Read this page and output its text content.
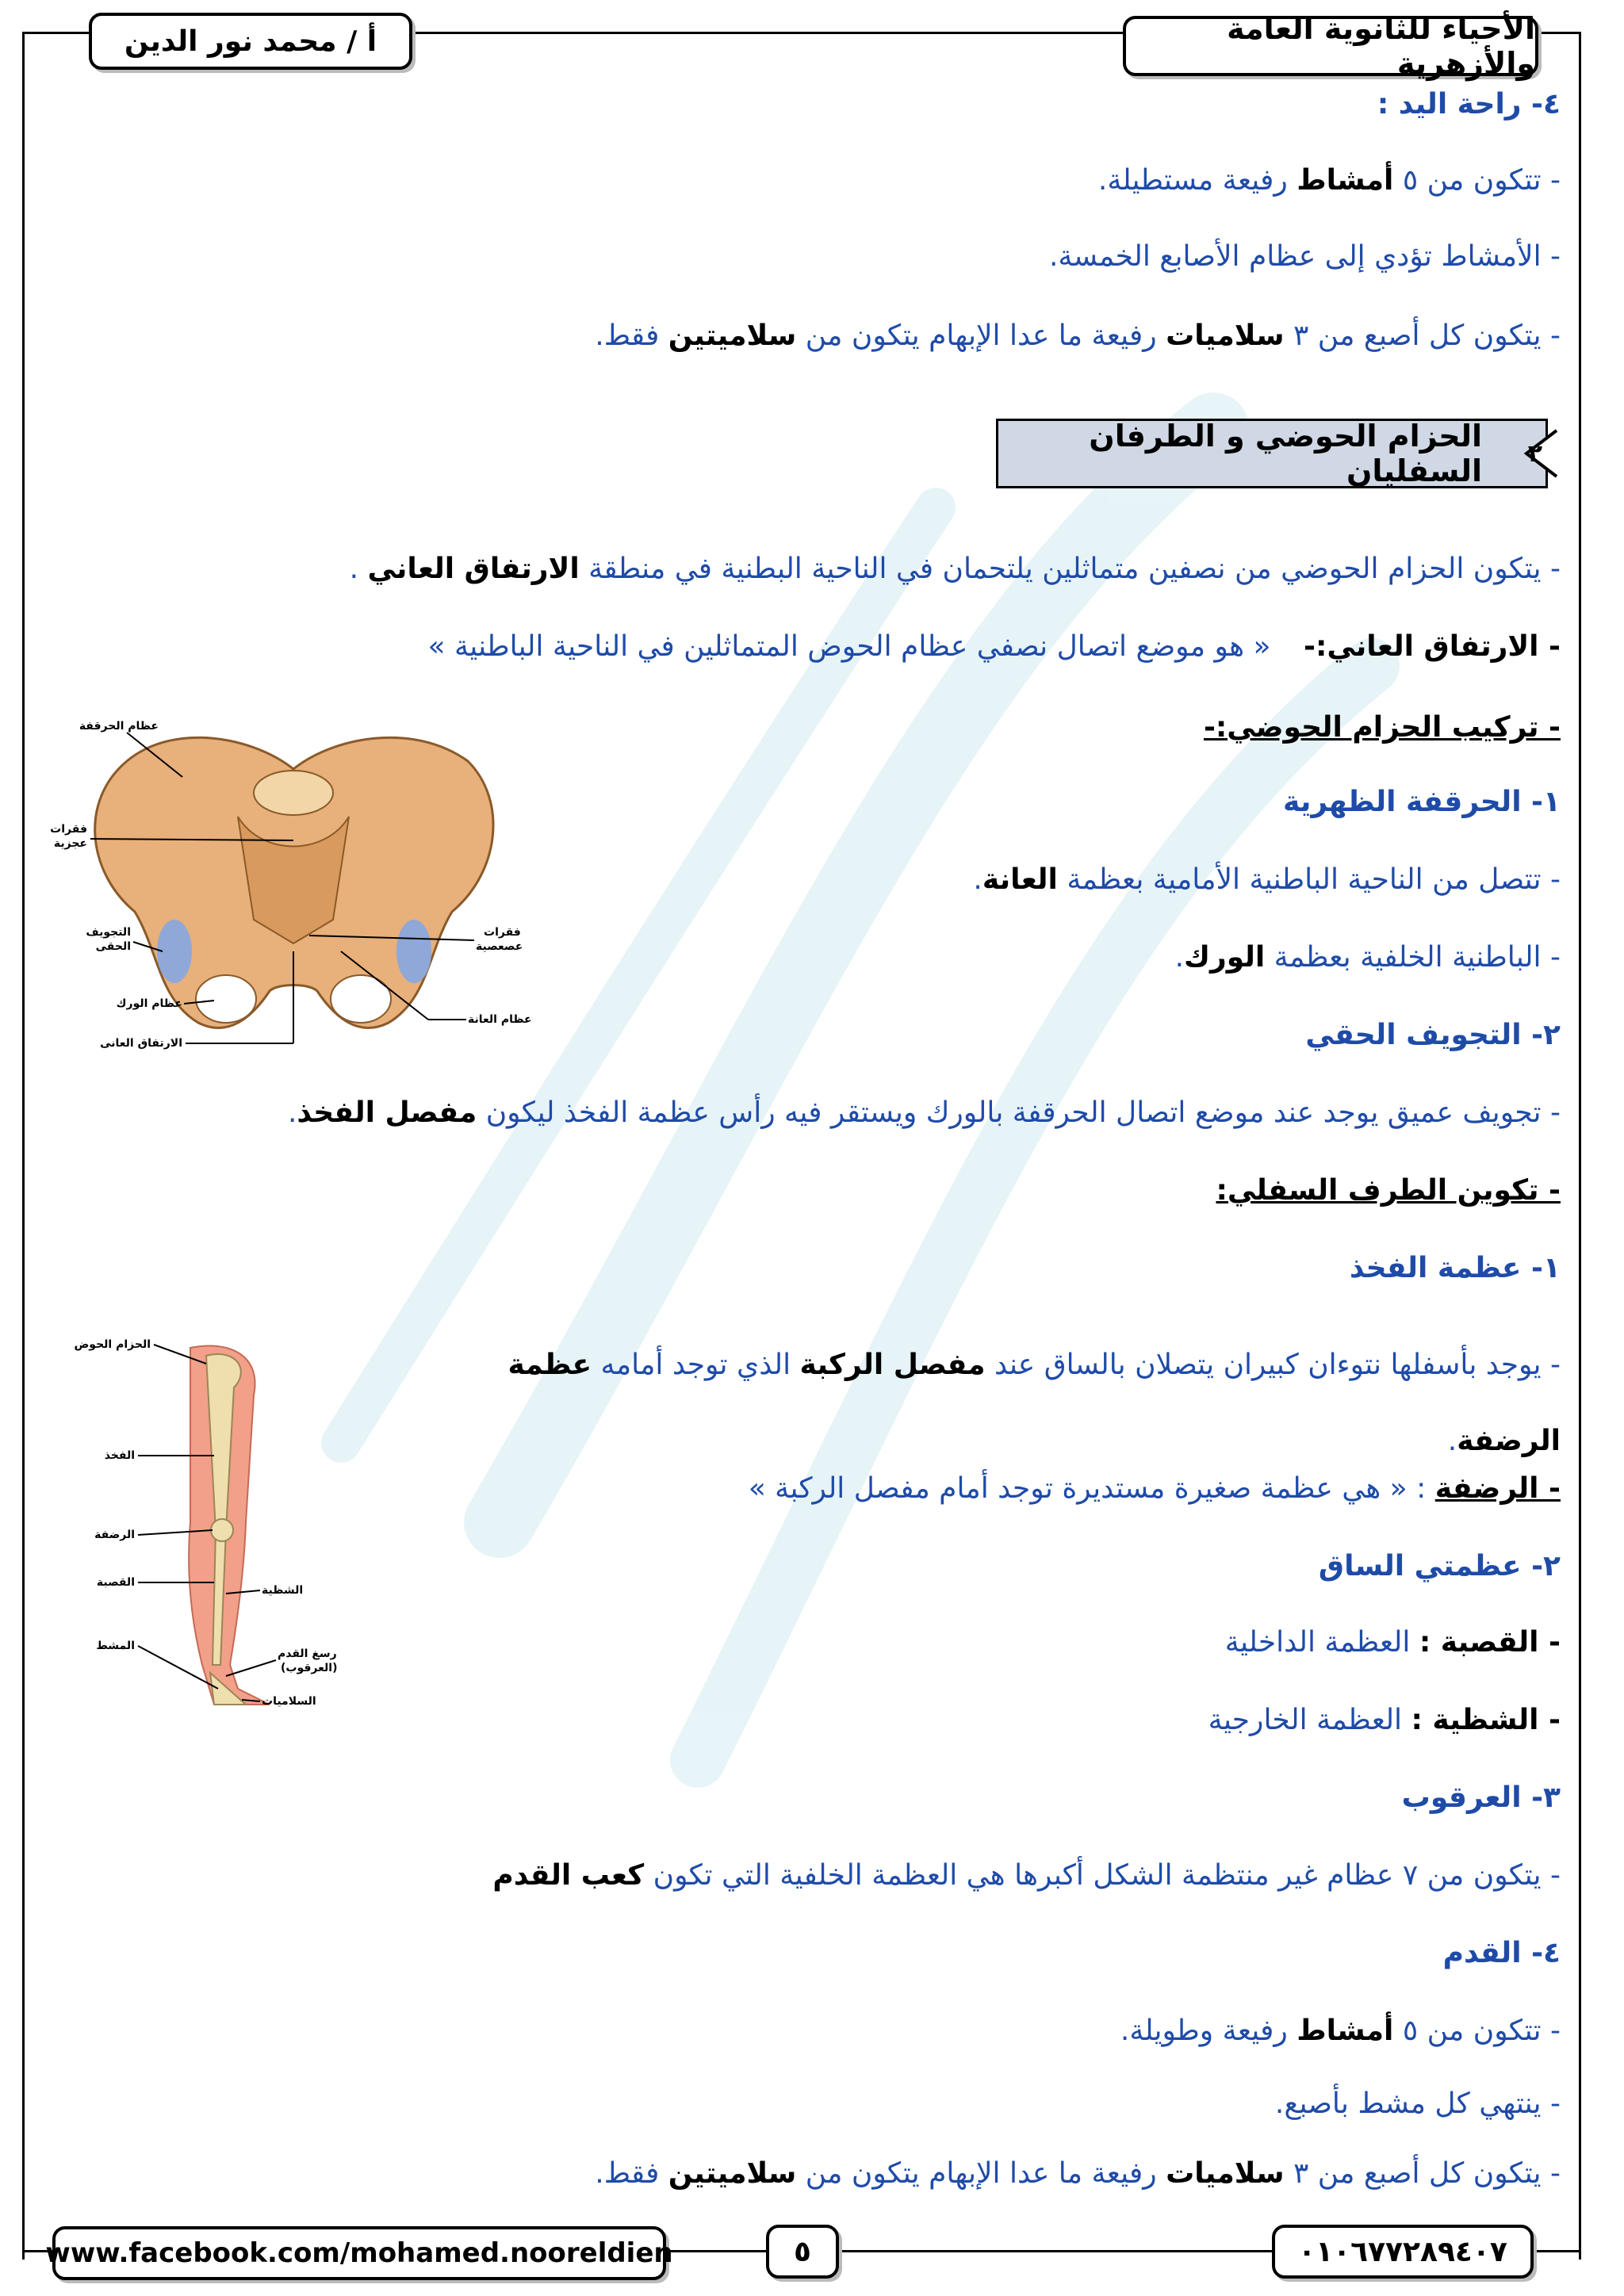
الأحياء للثانوية العامة والأزهرية
أ / محمد نور الدين
٤- راحة اليد :
- تتكون من ٥ أمشاط رفيعة مستطيلة.
- الأمشاط تؤدي إلى عظام الأصابع الخمسة.
- يتكون كل أصبع من ٣ سلاميات رفيعة ما عدا الإبهام يتكون من سلاميتين فقط.
٢
الحزام الحوضي و الطرفان السفليان
- يتكون الحزام الحوضي من نصفين متماثلين يلتحمان في الناحية البطنية في منطقة الارتفاق العاني .
- الارتفاق العاني:- « هو موضع اتصال نصفي عظام الحوض المتماثلين في الناحية الباطنية »
- تركيب الحزام الحوضي:-
١- الحرقفة الظهرية
- تتصل من الناحية الباطنية الأمامية بعظمة العانة.
- الباطنية الخلفية بعظمة الورك.
٢- التجويف الحقي
- تجويف عميق يوجد عند موضع اتصال الحرقفة بالورك ويستقر فيه رأس عظمة الفخذ ليكون مفصل الفخذ.
- تكوين الطرف السفلي:
١- عظمة الفخذ
- يوجد بأسفلها نتوءان كبيران يتصلان بالساق عند مفصل الركبة الذي توجد أمامه عظمة الرضفة.
- الرضفة : « هي عظمة صغيرة مستديرة توجد أمام مفصل الركبة »
٢- عظمتي الساق
- القصبة : العظمة الداخلية
- الشظية : العظمة الخارجية
٣- العرقوب
- يتكون من ٧ عظام غير منتظمة الشكل أكبرها هي العظمة الخلفية التي تكون كعب القدم
٤- القدم
- تتكون من ٥ أمشاط رفيعة وطويلة.
- ينتهي كل مشط بأصبع.
- يتكون كل أصبع من ٣ سلاميات رفيعة ما عدا الإبهام يتكون من سلاميتين فقط.
عظام الحرقفة
فقرات
عجزية
التجويف
الحقى
عظام الورك
الارتفاق العانى
فقرات
عصعصية
عظام العانة
الحزام الحوض
الفخذ
الرضفة
القصبة
الشظية
رسغ القدم
(العرقوب)
المشط
السلاميات
www.facebook.com/mohamed.nooreldien	٥	٠١٠٦٧٧٢٨٩٤٠٧
